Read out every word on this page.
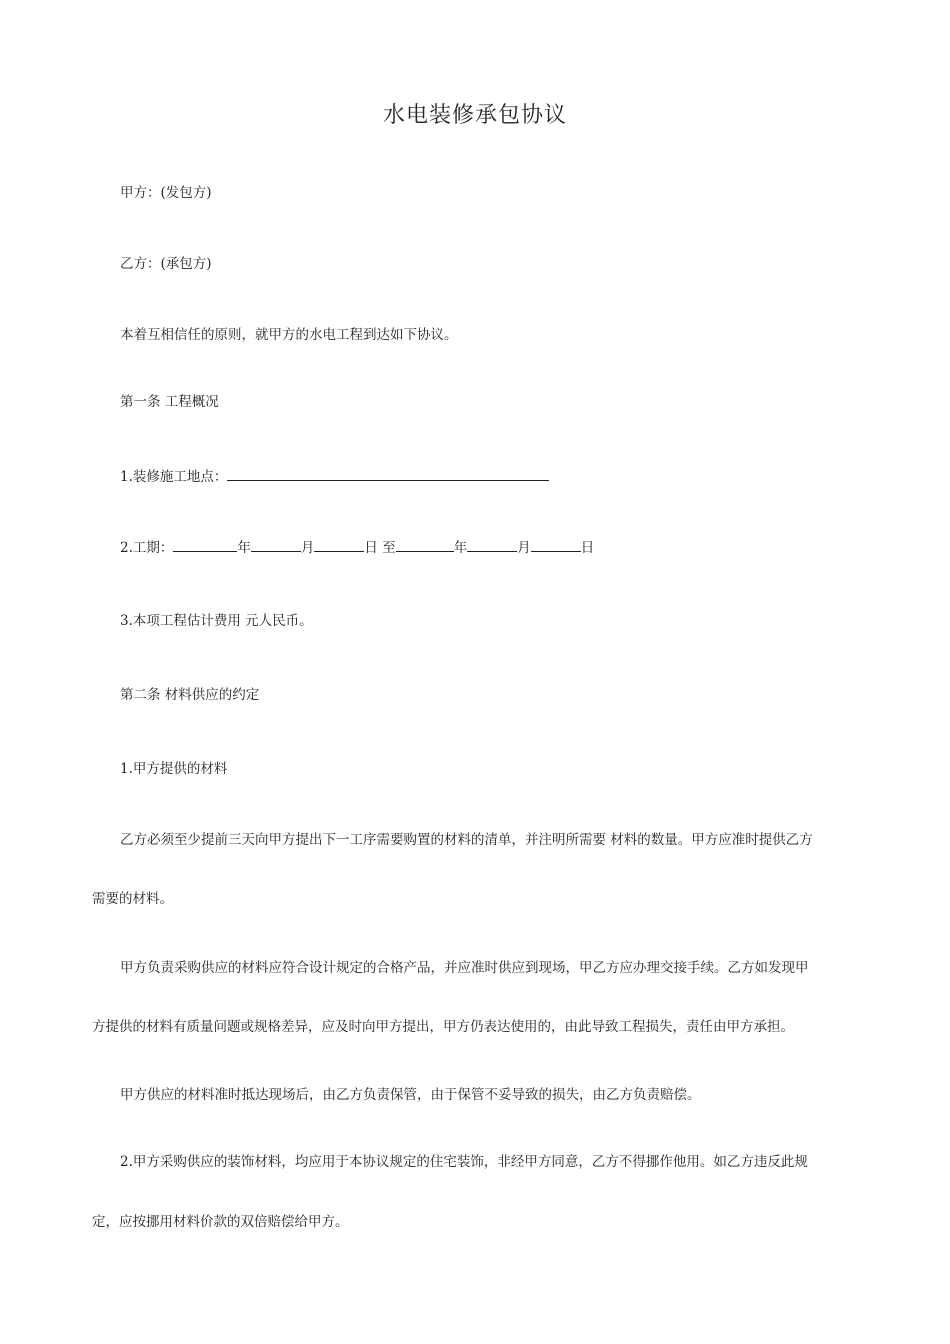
水电装修承包协议
甲方：(发包方)
乙方：(承包方)
本着互相信任的原则，就甲方的水电工程到达如下协议。
第一条 工程概况
1.装修施工地点：
2.工期：	年	月	日 至	年	月	日
3.本项工程估计费用 元人民币。
第二条 材料供应的约定
1.甲方提供的材料
乙方必须至少提前三天向甲方提出下一工序需要购置的材料的清单，并注明所需要 材料的数量。甲方应准时提供乙方
需要的材料。
甲方负责采购供应的材料应符合设计规定的合格产品，并应准时供应到现场，甲乙方应办理交接手续。乙方如发现甲
方提供的材料有质量问题或规格差异，应及时向甲方提出，甲方仍表达使用的，由此导致工程损失，责任由甲方承担。
甲方供应的材料准时抵达现场后，由乙方负责保管，由于保管不妥导致的损失，由乙方负责赔偿。
2.甲方采购供应的装饰材料，均应用于本协议规定的住宅装饰，非经甲方同意，乙方不得挪作他用。如乙方违反此规
定，应按挪用材料价款的双倍赔偿给甲方。
